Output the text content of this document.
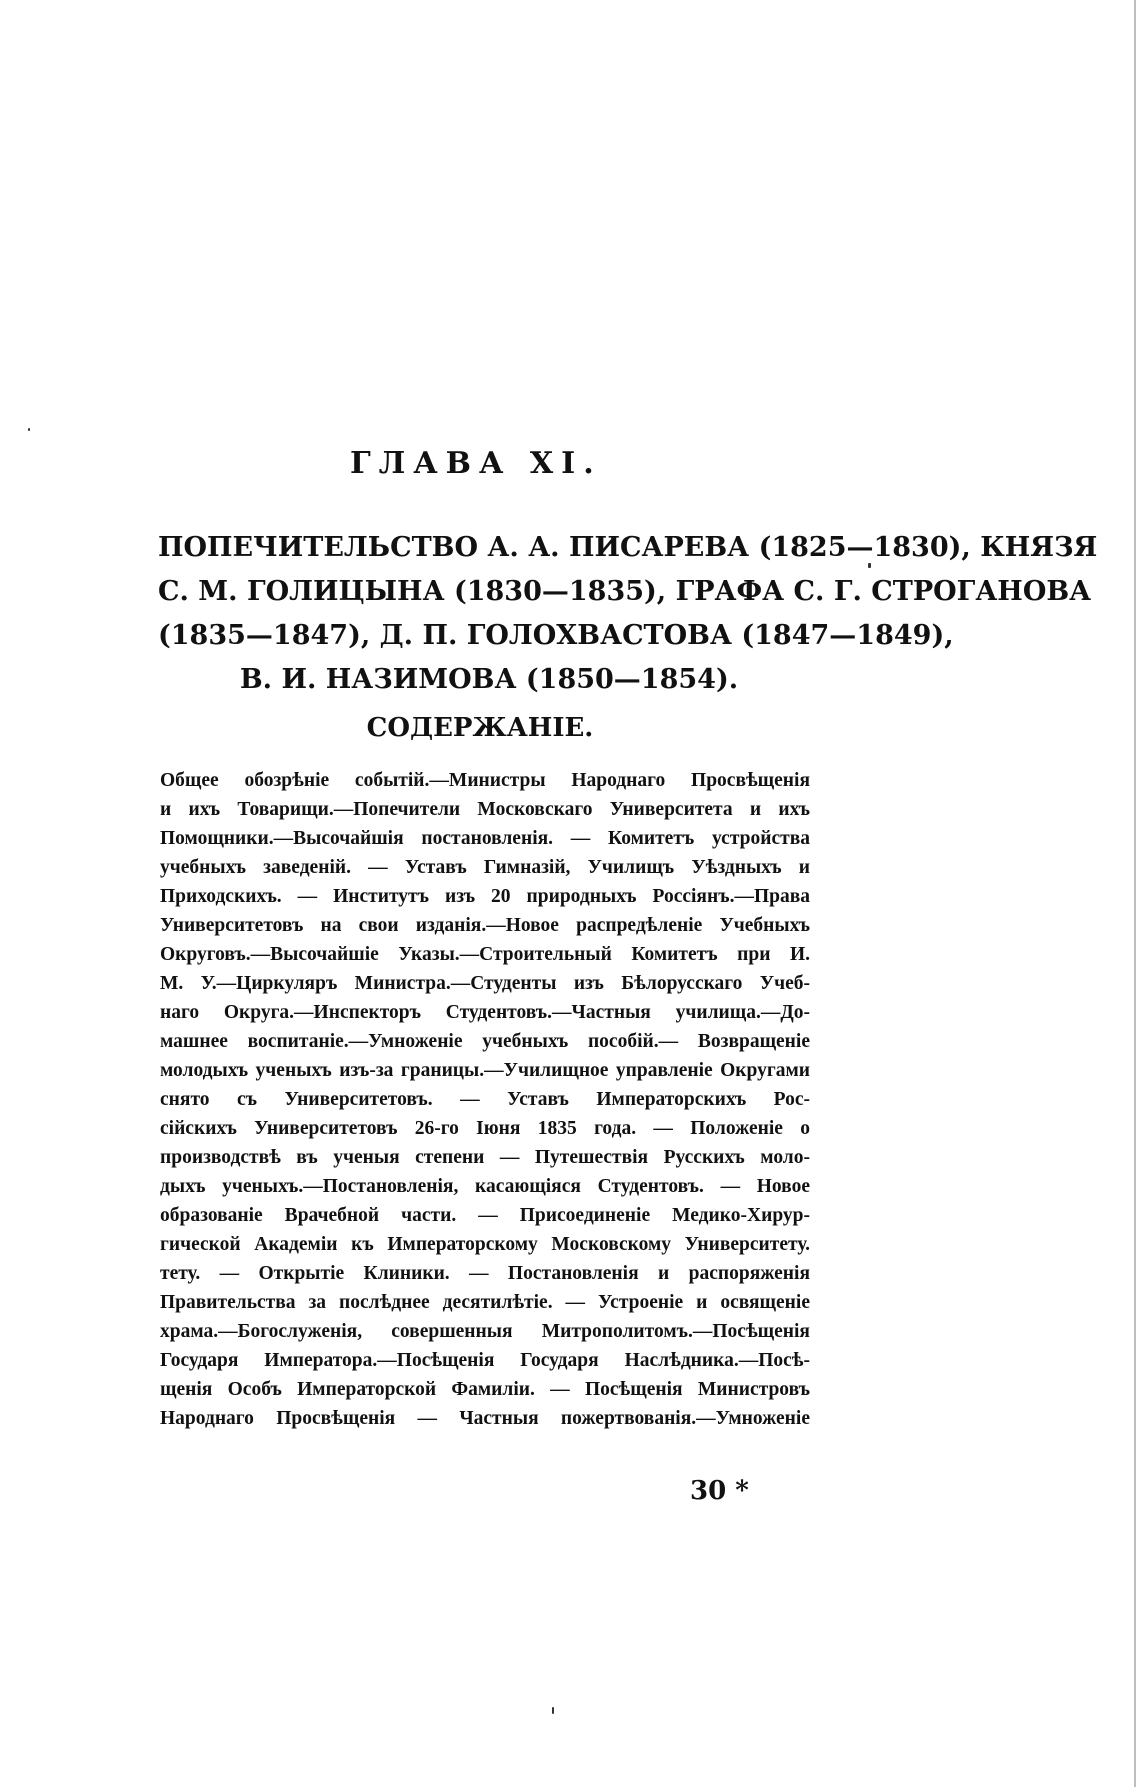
ГЛАВА XI.
ПОПЕЧИТЕЛЬСТВО А. А. ПИСАРЕВА (1825—1830), КНЯЗЯ
С. М. ГОЛИЦЫНА (1830—1835), ГРАФА С. Г. СТРОГАНОВА
(1835—1847), Д. П. ГОЛОХВАСТОВА (1847—1849),
В. И. НАЗИМОВА (1850—1854).
СОДЕРЖАНІЕ.
Общее обозрѣніе событій.—Министры Народнаго Просвѣщенія
и ихъ Товарищи.—Попечители Московскаго Университета и ихъ
Помощники.—Высочайшія постановленія. — Комитетъ устройства
учебныхъ заведеній. — Уставъ Гимназій, Училищъ Уѣздныхъ и
Приходскихъ. — Институтъ изъ 20 природныхъ Россіянъ.—Права
Университетовъ на свои изданія.—Новое распредѣленіе Учебныхъ
Округовъ.—Высочайшіе Указы.—Строительный Комитетъ при И.
М. У.—Циркуляръ Министра.—Студенты изъ Бѣлорусскаго Учеб-
наго Округа.—Инспекторъ Студентовъ.—Частныя училища.—До-
машнее воспитаніе.—Умноженіе учебныхъ пособій.— Возвращеніе
молодыхъ ученыхъ изъ-за границы.—Училищное управленіе Округами
снято съ Университетовъ. — Уставъ Императорскихъ Рос-
сійскихъ Университетовъ 26-го Іюня 1835 года. — Положеніе о
производствѣ въ ученыя степени — Путешествія Русскихъ моло-
дыхъ ученыхъ.—Постановленія, касающіяся Студентовъ. — Новое
образованіе Врачебной части. — Присоединеніе Медико-Хирур-
гической Академіи къ Императорскому Московскому Университету.
тету. — Открытіе Клиники. — Постановленія и распоряженія
Правительства за послѣднее десятилѣтіе. — Устроеніе и освященіе
храма.—Богослуженія, совершенныя Митрополитомъ.—Посѣщенія
Государя Императора.—Посѣщенія Государя Наслѣдника.—Посѣ-
щенія Особъ Императорской Фамиліи. — Посѣщенія Министровъ
Народнаго Просвѣщенія — Частныя пожертвованія.—Умноженіе
30 *
